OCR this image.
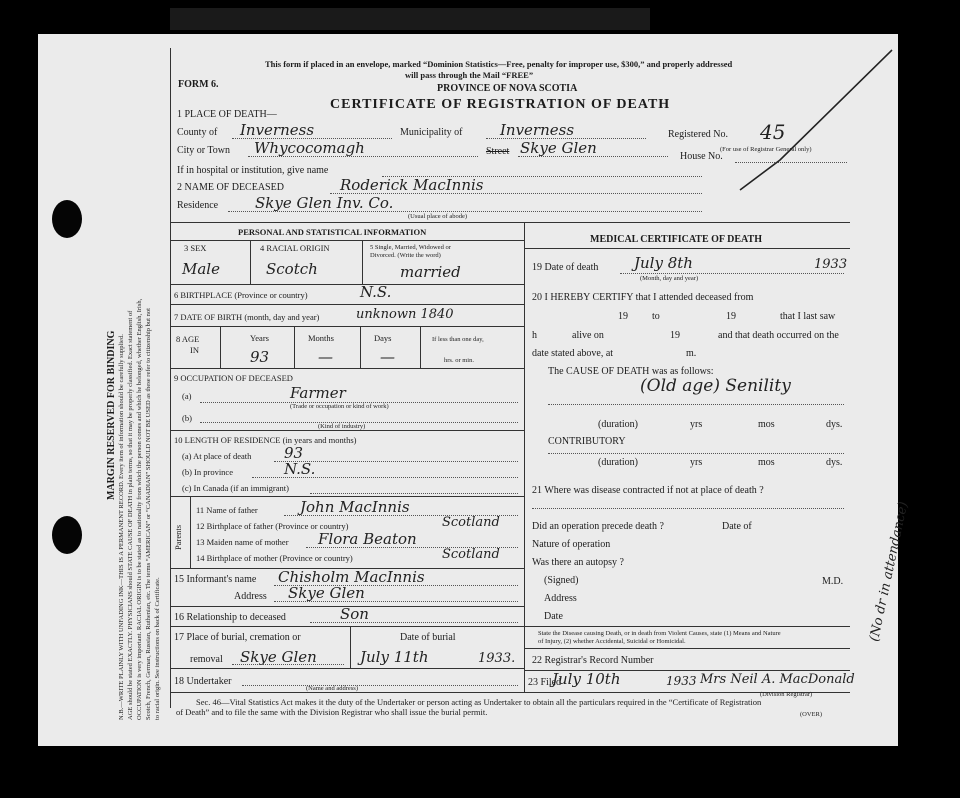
MARGIN RESERVED FOR BINDING N.B.—WRITE PLAINLY WITH UNFADING INK—THIS IS A PERMANENT RECORD. Every item of information should be carefully supplied. AGE should be stated EXACTLY. PHYSICIANS should STATE CAUSE OF DEATH in plain terms, so that it may be properly classified. Exact statement of OCCUPATION is very important. RACIAL ORIGIN is to be stated as to nationality from which the person comes and which he belonged, whether English, Irish, Scotch, French, German, Russian, Ruthenian, etc. The terms “AMERICAN” or “CANADIAN” SHOULD NOT BE USED as these refer to citizenship but not to racial origin. See instructions on back of Certificate.
This form if placed in an envelope, marked “Dominion Statistics—Free, penalty for improper use, $300,” and properly addressed
will pass through the Mail “FREE”
PROVINCE OF NOVA SCOTIA
FORM 6.
CERTIFICATE OF REGISTRATION OF DEATH
1 PLACE OF DEATH—
County of Inverness	Municipality of	Inverness	Registered No. 45
(For use of Registrar General only)
City or Town Whycocomagh	Street Skye Glen	House No.
If in hospital or institution, give name
2 NAME OF DECEASED	Roderick MacInnis
Residence Skye Glen Inv. Co.
(Usual place of abode)
PERSONAL AND STATISTICAL INFORMATION
3 SEX
Male
4 RACIAL ORIGIN
Scotch
5 Single, Married, Widowed or
Divorced. (Write the word)
married
6 BIRTHPLACE (Province or country)	N.S.
7 DATE OF BIRTH (month, day and year)	unknown 1840
8 AGE
IN
Years
93
Months
—
Days
—
If less than one day,
hrs. or min.
9 OCCUPATION OF DECEASED
(a)	Farmer
(Trade or occupation or kind of work)
(b)
(Kind of industry)
10 LENGTH OF RESIDENCE (in years and months)
(a) At place of death 93
(b) In province	N.S.
(c) In Canada (if an immigrant)
Parents
11 Name of father	John MacInnis
12 Birthplace of father (Province or country)	Scotland
13 Maiden name of mother Flora Beaton
14 Birthplace of mother (Province or country)	Scotland
15 Informant's name Chisholm MacInnis
Address Skye Glen
16 Relationship to deceased	Son
17 Place of burial, cremation or
removal Skye Glen
Date of burial
July 11th	1933.
18 Undertaker
(Name and address)
MEDICAL CERTIFICATE OF DEATH
19 Date of death July 8th	1933
(Month, day and year)
20 I HEREBY CERTIFY that I attended deceased from
19 to	19	that I last saw
h	alive on	19	and that death occurred on the
date stated above, at	m.
The CAUSE OF DEATH was as follows:
(Old age) Senility
(duration)	yrs	mos	dys.
CONTRIBUTORY
(duration)	yrs	mos	dys.
21 Where was disease contracted if not at place of death ?
Did an operation precede death ?	Date of
Nature of operation
Was there an autopsy ?
(Signed)	M.D.
Address
Date
State the Disease causing Death, or in death from Violent Causes, state (1) Means and Nature
of Injury, (2) whether Accidental, Suicidal or Homicidal.
22 Registrar's Record Number
23 Filed
July 10th	1933 Mrs Neil A. MacDonald
(Division Registrar)
(No dr in attendance)
Sec. 46—Vital Statistics Act makes it the duty of the Undertaker or person acting as Undertaker to obtain all the particulars required in the “Certificate of Registration
of Death” and to file the same with the Division Registrar who shall issue the burial permit.	(OVER)
